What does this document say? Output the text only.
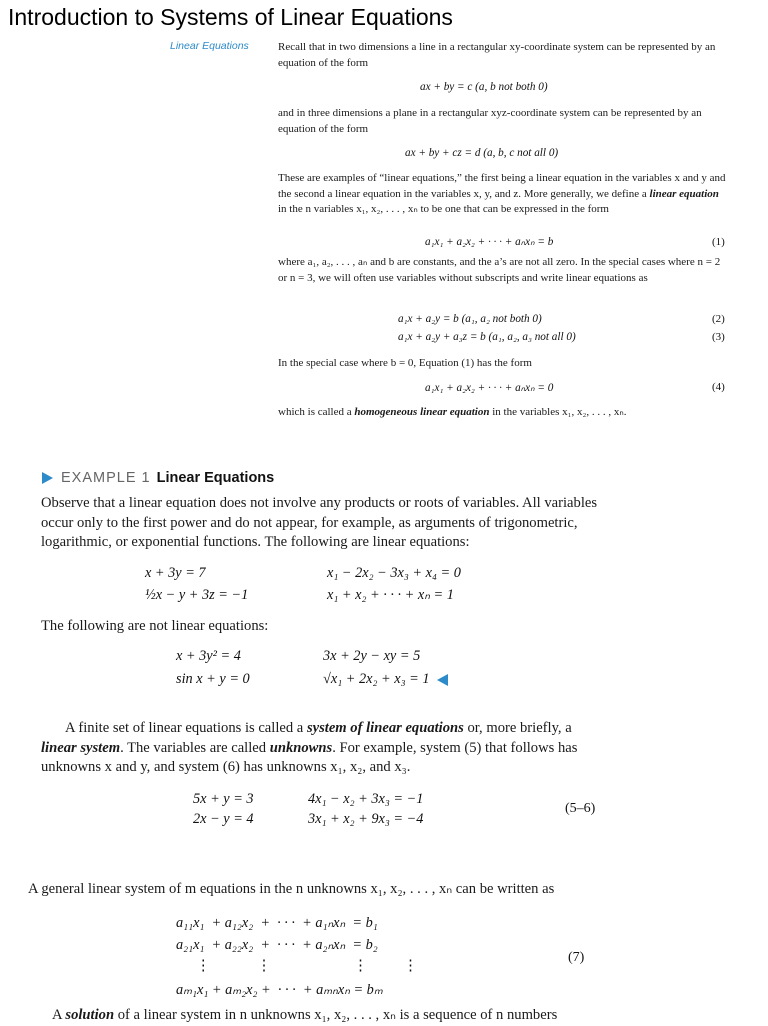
Introduction to Systems of Linear Equations
Linear Equations	Recall that in two dimensions a line in a rectangular xy-coordinate system can be represented by an equation of the form
ax + by = c (a, b not both 0)
and in three dimensions a plane in a rectangular xyz-coordinate system can be represented by an equation of the form
ax + by + cz = d (a, b, c not all 0)
These are examples of “linear equations,” the first being a linear equation in the variables x and y and the second a linear equation in the variables x, y, and z. More generally, we define a linear equation in the n variables x₁, x₂, . . . , xₙ to be one that can be expressed in the form
a₁x₁ + a₂x₂ + · · · + aₙxₙ = b	(1)
where a₁, a₂, . . . , aₙ and b are constants, and the a’s are not all zero. In the special cases where n = 2 or n = 3, we will often use variables without subscripts and write linear equations as
a₁x + a₂y = b (a₁, a₂ not both 0)	(2)
a₁x + a₂y + a₃z = b (a₁, a₂, a₃ not all 0)	(3)
In the special case where b = 0, Equation (1) has the form
a₁x₁ + a₂x₂ + · · · + aₙxₙ = 0	(4)
which is called a homogeneous linear equation in the variables x₁, x₂, . . . , xₙ.
EXAMPLE 1 Linear Equations
Observe that a linear equation does not involve any products or roots of variables. All variables occur only to the first power and do not appear, for example, as arguments of trigonometric, logarithmic, or exponential functions. The following are linear equations:
x + 3y = 7
½x − y + 3z = −1
x₁ − 2x₂ − 3x₃ + x₄ = 0
x₁ + x₂ + · · · + xₙ = 1
The following are not linear equations:
x + 3y² = 4
sin x + y = 0
3x + 2y − xy = 5
√x₁ + 2x₂ + x₃ = 1
A finite set of linear equations is called a system of linear equations or, more briefly, a linear system. The variables are called unknowns. For example, system (5) that follows has unknowns x and y, and system (6) has unknowns x₁, x₂, and x₃.
5x + y = 3
2x − y = 4
4x₁ − x₂ + 3x₃ = −1
3x₁ + x₂ + 9x₃ = −4
(5–6)
A general linear system of m equations in the n unknowns x₁, x₂, . . . , xₙ can be written as
a₁₁x₁  + a₁₂x₂  +  · · ·  + a₁ₙxₙ  = b₁
a₂₁x₁  + a₂₂x₂  +  · · ·  + a₂ₙxₙ  = b₂
⋮             ⋮                       ⋮          ⋮
aₘ₁x₁ + aₘ₂x₂ +  · · ·  + aₘₙxₙ = bₘ
(7)
A solution of a linear system in n unknowns x₁, x₂, . . . , xₙ is a sequence of n numbers
